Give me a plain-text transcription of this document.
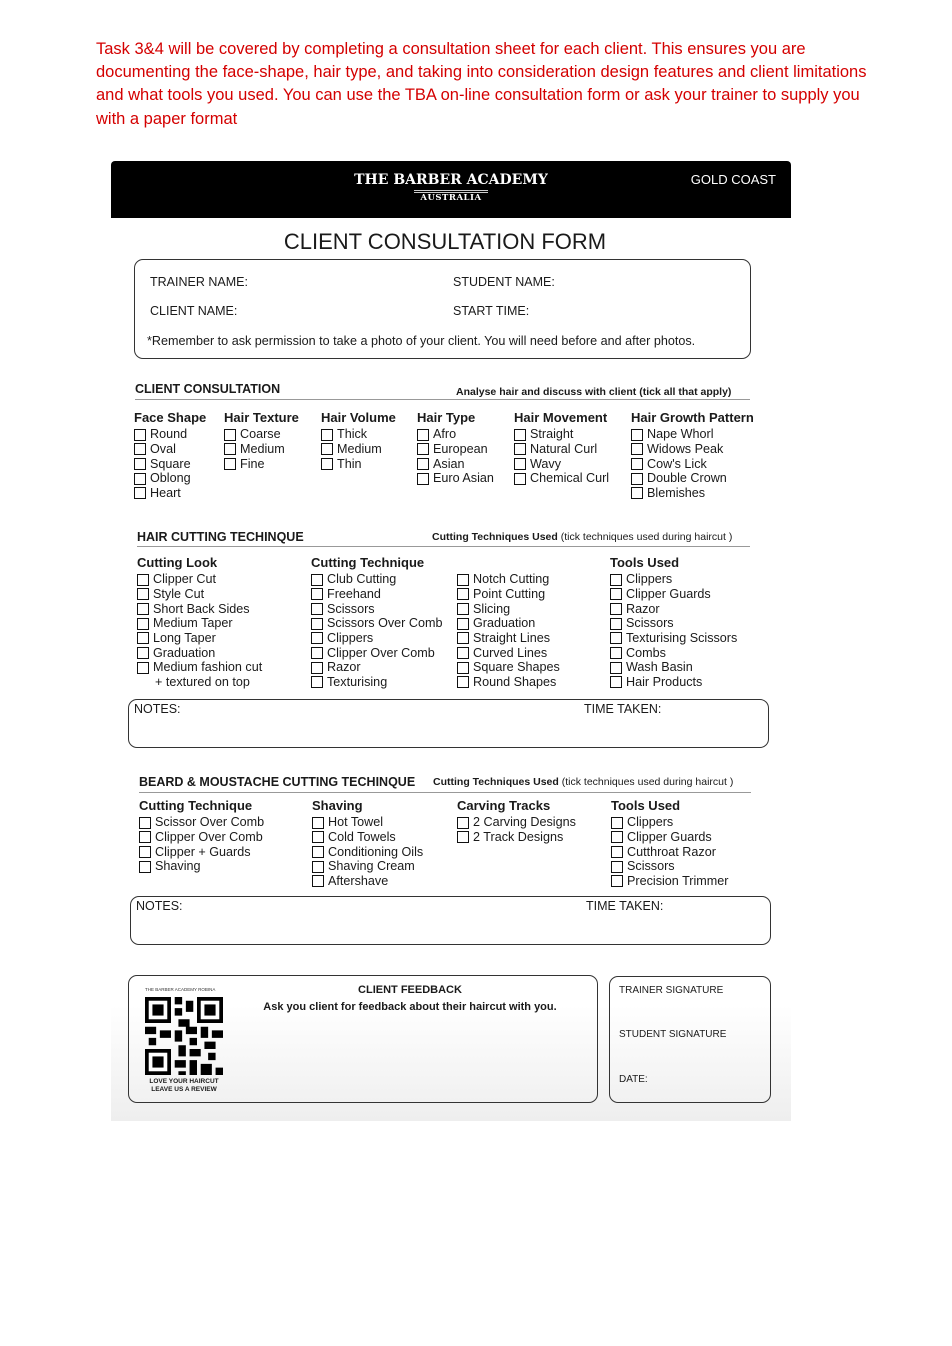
Task 3&4 will be covered by completing a consultation sheet for each client. This ensures you are documenting the face-shape, hair type, and taking into consideration design features and client limitations and what tools you used. You can use the TBA on-line consultation form or ask your trainer to supply you with a paper format
THE BARBER ACADEMY
AUSTRALIA
GOLD COAST
CLIENT CONSULTATION FORM
TRAINER NAME:	STUDENT NAME:
CLIENT NAME:	START TIME:
*Remember to ask permission to take a photo of your client. You will need before and after photos.
CLIENT CONSULTATION	Analyse hair and discuss with client (tick all that apply)
Face Shape
Round
Oval
Square
Oblong
Heart
Hair Texture
Coarse
Medium
Fine
Hair Volume
Thick
Medium
Thin
Hair Type
Afro
European
Asian
Euro Asian
Hair Movement
Straight
Natural Curl
Wavy
Chemical Curl
Hair Growth Pattern
Nape Whorl
Widows Peak
Cow's Lick
Double Crown
Blemishes
HAIR CUTTING TECHINQUE	Cutting Techniques Used (tick techniques used during haircut )
Cutting Look
Clipper Cut
Style Cut
Short Back Sides
Medium Taper
Long Taper
Graduation
Medium fashion cut
+ textured on top
Cutting Technique
Club Cutting
Freehand
Scissors
Scissors Over Comb
Clippers
Clipper Over Comb
Razor
Texturising

Notch Cutting
Point Cutting
Slicing
Graduation
Straight Lines
Curved Lines
Square Shapes
Round Shapes
Tools Used
Clippers
Clipper Guards
Razor
Scissors
Texturising Scissors
Combs
Wash Basin
Hair Products
NOTES:	TIME TAKEN:
BEARD & MOUSTACHE CUTTING TECHINQUE Cutting Techniques Used (tick techniques used during haircut )
Cutting Technique
Scissor Over Comb
Clipper Over Comb
Clipper + Guards
Shaving
Shaving
Hot Towel
Cold Towels
Conditioning Oils
Shaving Cream
Aftershave
Carving Tracks
2 Carving Designs
2 Track Designs
Tools Used
Clippers
Clipper Guards
Cutthroat Razor
Scissors
Precision Trimmer
NOTES:	TIME TAKEN:
THE BARBER ACADEMY ROBINA
LOVE YOUR HAIRCUT
LEAVE US A REVIEW
CLIENT FEEDBACK
Ask you client for feedback about their haircut with you.
TRAINER SIGNATURE
STUDENT SIGNATURE
DATE:
